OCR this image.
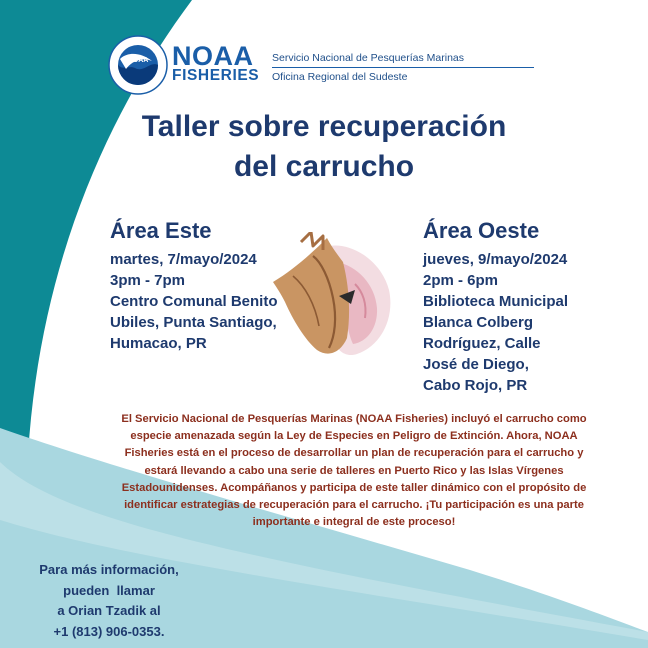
NOAA NOAA
FISHERIES
Servicio Nacional de Pesquerías Marinas
Oficina Regional del Sudeste
Taller sobre recuperación
del carrucho
Área Este
martes, 7/mayo/2024
3pm - 7pm
Centro Comunal Benito
Ubiles, Punta Santiago,
Humacao, PR
Área Oeste
jueves, 9/mayo/2024
2pm - 6pm
Biblioteca Municipal
Blanca Colberg
Rodríguez, Calle
José de Diego,
Cabo Rojo, PR
El Servicio Nacional de Pesquerías Marinas (NOAA Fisheries) incluyó el carrucho como especie amenazada según la Ley de Especies en Peligro de Extinción. Ahora, NOAA Fisheries está en el proceso de desarrollar un plan de recuperación para el carrucho y estará llevando a cabo una serie de talleres en Puerto Rico y las Islas Vírgenes Estadounidenses. Acompáñanos y participa de este taller dinámico con el propósito de identificar estrategias de recuperación para el carrucho. ¡Tu participación es una parte importante e integral de este proceso!
Para más información,
pueden  llamar
a Orian Tzadik al
+1 (813) 906-0353.
